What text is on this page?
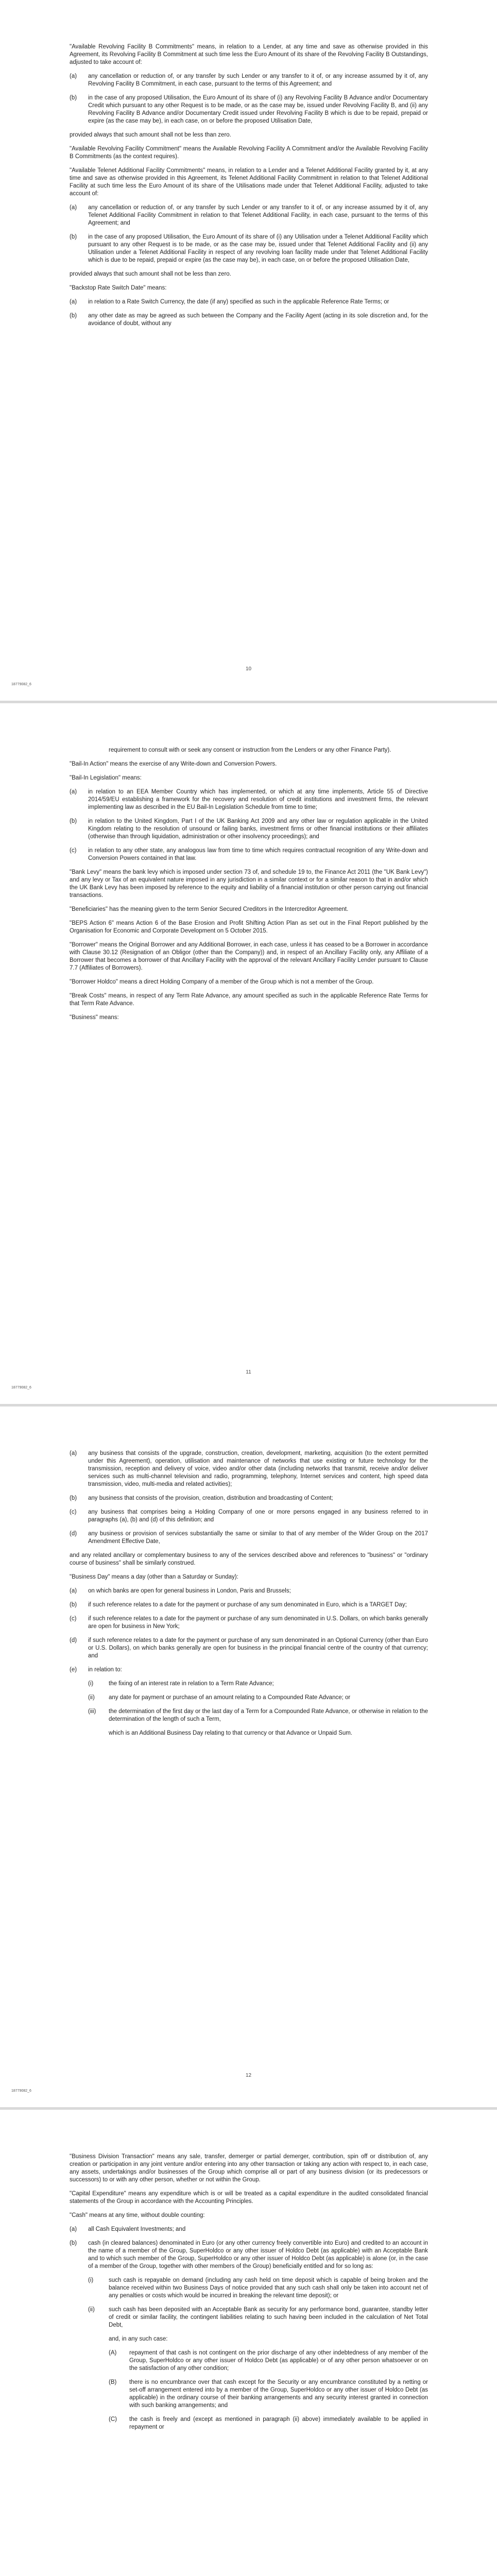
"Available Revolving Facility B Commitments" means, in relation to a Lender, at any time and save as otherwise provided in this Agreement, its Revolving Facility B Commitment at such time less the Euro Amount of its share of the Revolving Facility B Outstandings, adjusted to take account of:
(a) any cancellation or reduction of, or any transfer by such Lender or any transfer to it of, or any increase assumed by it of, any Revolving Facility B Commitment, in each case, pursuant to the terms of this Agreement; and
(b) in the case of any proposed Utilisation, the Euro Amount of its share of (i) any Revolving Facility B Advance and/or Documentary Credit which pursuant to any other Request is to be made, or as the case may be, issued under Revolving Facility B, and (ii) any Revolving Facility B Advance and/or Documentary Credit issued under Revolving Facility B which is due to be repaid, prepaid or expire (as the case may be), in each case, on or before the proposed Utilisation Date,
provided always that such amount shall not be less than zero.
"Available Revolving Facility Commitment" means the Available Revolving Facility A Commitment and/or the Available Revolving Facility B Commitments (as the context requires).
"Available Telenet Additional Facility Commitments" means, in relation to a Lender and a Telenet Additional Facility granted by it, at any time and save as otherwise provided in this Agreement, its Telenet Additional Facility Commitment in relation to that Telenet Additional Facility at such time less the Euro Amount of its share of the Utilisations made under that Telenet Additional Facility, adjusted to take account of:
(a) any cancellation or reduction of, or any transfer by such Lender or any transfer to it of, or any increase assumed by it of, any Telenet Additional Facility Commitment in relation to that Telenet Additional Facility, in each case, pursuant to the terms of this Agreement; and
(b) in the case of any proposed Utilisation, the Euro Amount of its share of (i) any Utilisation under a Telenet Additional Facility which pursuant to any other Request is to be made, or as the case may be, issued under that Telenet Additional Facility and (ii) any Utilisation under a Telenet Additional Facility in respect of any revolving loan facility made under that Telenet Additional Facility which is due to be repaid, prepaid or expire (as the case may be), in each case, on or before the proposed Utilisation Date,
provided always that such amount shall not be less than zero.
"Backstop Rate Switch Date" means:
(a) in relation to a Rate Switch Currency, the date (if any) specified as such in the applicable Reference Rate Terms; or
(b) any other date as may be agreed as such between the Company and the Facility Agent (acting in its sole discretion and, for the avoidance of doubt, without any
10
18779082_6
requirement to consult with or seek any consent or instruction from the Lenders or any other Finance Party).
"Bail-In Action" means the exercise of any Write-down and Conversion Powers.
"Bail-In Legislation" means:
(a) in relation to an EEA Member Country which has implemented, or which at any time implements, Article 55 of Directive 2014/59/EU establishing a framework for the recovery and resolution of credit institutions and investment firms, the relevant implementing law as described in the EU Bail-In Legislation Schedule from time to time;
(b) in relation to the United Kingdom, Part I of the UK Banking Act 2009 and any other law or regulation applicable in the United Kingdom relating to the resolution of unsound or failing banks, investment firms or other financial institutions or their affiliates (otherwise than through liquidation, administration or other insolvency proceedings); and
(c) in relation to any other state, any analogous law from time to time which requires contractual recognition of any Write-down and Conversion Powers contained in that law.
"Bank Levy" means the bank levy which is imposed under section 73 of, and schedule 19 to, the Finance Act 2011 (the "UK Bank Levy") and any levy or Tax of an equivalent nature imposed in any jurisdiction in a similar context or for a similar reason to that in and/or which the UK Bank Levy has been imposed by reference to the equity and liability of a financial institution or other person carrying out financial transactions.
"Beneficiaries" has the meaning given to the term Senior Secured Creditors in the Intercreditor Agreement.
"BEPS Action 6" means Action 6 of the Base Erosion and Profit Shifting Action Plan as set out in the Final Report published by the Organisation for Economic and Corporate Development on 5 October 2015.
"Borrower" means the Original Borrower and any Additional Borrower, in each case, unless it has ceased to be a Borrower in accordance with Clause 30.12 (Resignation of an Obligor (other than the Company)) and, in respect of an Ancillary Facility only, any Affiliate of a Borrower that becomes a borrower of that Ancillary Facility with the approval of the relevant Ancillary Facility Lender pursuant to Clause 7.7 (Affiliates of Borrowers).
"Borrower Holdco" means a direct Holding Company of a member of the Group which is not a member of the Group.
"Break Costs" means, in respect of any Term Rate Advance, any amount specified as such in the applicable Reference Rate Terms for that Term Rate Advance.
"Business" means:
11
18779082_6
(a) any business that consists of the upgrade, construction, creation, development, marketing, acquisition (to the extent permitted under this Agreement), operation, utilisation and maintenance of networks that use existing or future technology for the transmission, reception and delivery of voice, video and/or other data (including networks that transmit, receive and/or deliver services such as multi-channel television and radio, programming, telephony, Internet services and content, high speed data transmission, video, multi-media and related activities);
(b) any business that consists of the provision, creation, distribution and broadcasting of Content;
(c) any business that comprises being a Holding Company of one or more persons engaged in any business referred to in paragraphs (a), (b) and (d) of this definition; and
(d) any business or provision of services substantially the same or similar to that of any member of the Wider Group on the 2017 Amendment Effective Date,
and any related ancillary or complementary business to any of the services described above and references to "business" or "ordinary course of business" shall be similarly construed.
"Business Day" means a day (other than a Saturday or Sunday):
(a) on which banks are open for general business in London, Paris and Brussels;
(b) if such reference relates to a date for the payment or purchase of any sum denominated in Euro, which is a TARGET Day;
(c) if such reference relates to a date for the payment or purchase of any sum denominated in U.S. Dollars, on which banks generally are open for business in New York;
(d) if such reference relates to a date for the payment or purchase of any sum denominated in an Optional Currency (other than Euro or U.S. Dollars), on which banks generally are open for business in the principal financial centre of the country of that currency; and
(e) in relation to:
(i)	the fixing of an interest rate in relation to a Term Rate Advance;
(ii) any date for payment or purchase of an amount relating to a Compounded Rate Advance; or
(iii) the determination of the first day or the last day of a Term for a Compounded Rate Advance, or otherwise in relation to the determination of the length of such a Term,
which is an Additional Business Day relating to that currency or that Advance or Unpaid Sum.
12
18779082_6
"Business Division Transaction" means any sale, transfer, demerger or partial demerger, contribution, spin off or distribution of, any creation or participation in any joint venture and/or entering into any other transaction or taking any action with respect to, in each case, any assets, undertakings and/or businesses of the Group which comprise all or part of any business division (or its predecessors or successors) to or with any other person, whether or not within the Group.
"Capital Expenditure" means any expenditure which is or will be treated as a capital expenditure in the audited consolidated financial statements of the Group in accordance with the Accounting Principles.
"Cash" means at any time, without double counting:
(a) all Cash Equivalent Investments; and
(b) cash (in cleared balances) denominated in Euro (or any other currency freely convertible into Euro) and credited to an account in the name of a member of the Group, SuperHoldco or any other issuer of Holdco Debt (as applicable) with an Acceptable Bank and to which such member of the Group, SuperHoldco or any other issuer of Holdco Debt (as applicable) is alone (or, in the case of a member of the Group, together with other members of the Group) beneficially entitled and for so long as:
(i)	such cash is repayable on demand (including any cash held on time deposit which is capable of being broken and the balance received within two Business Days of notice provided that any such cash shall only be taken into account net of any penalties or costs which would be incurred in breaking the relevant time deposit); or
(ii) such cash has been deposited with an Acceptable Bank as security for any performance bond, guarantee, standby letter of credit or similar facility, the contingent liabilities relating to such having been included in the calculation of Net Total Debt,
and, in any such case:
(A) repayment of that cash is not contingent on the prior discharge of any other indebtedness of any member of the Group, SuperHoldco or any other issuer of Holdco Debt (as applicable) or of any other person whatsoever or on the satisfaction of any other condition;
(B) there is no encumbrance over that cash except for the Security or any encumbrance constituted by a netting or set-off arrangement entered into by a member of the Group, SuperHoldco or any other issuer of Holdco Debt (as applicable) in the ordinary course of their banking arrangements and any security interest granted in connection with such banking arrangements; and
(C) the cash is freely and (except as mentioned in paragraph (ii) above) immediately available to be applied in repayment or
